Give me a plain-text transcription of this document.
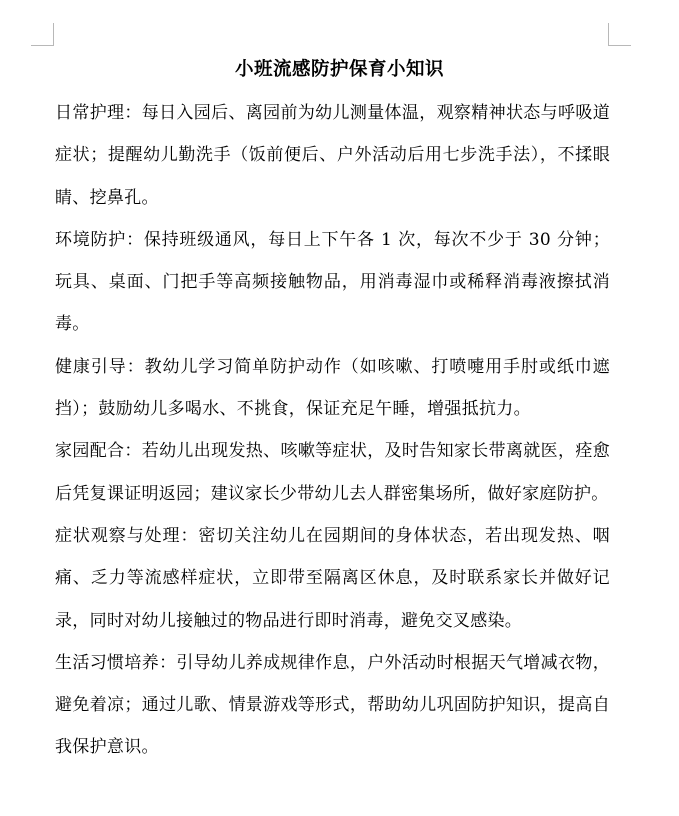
小班流感防护保育小知识

日常护理：每日入园后、离园前为幼儿测量体温，观察精神状态与呼吸道症状；提醒幼儿勤洗手（饭前便后、户外活动后用七步洗手法），不揉眼睛、挖鼻孔。

环境防护：保持班级通风，每日上下午各 1 次，每次不少于 30 分钟；玩具、桌面、门把手等高频接触物品，用消毒湿巾或稀释消毒液擦拭消毒。

健康引导：教幼儿学习简单防护动作（如咳嗽、打喷嚏用手肘或纸巾遮挡）；鼓励幼儿多喝水、不挑食，保证充足午睡，增强抵抗力。

家园配合：若幼儿出现发热、咳嗽等症状，及时告知家长带离就医，痊愈后凭复课证明返园；建议家长少带幼儿去人群密集场所，做好家庭防护。

症状观察与处理：密切关注幼儿在园期间的身体状态，若出现发热、咽痛、乏力等流感样症状，立即带至隔离区休息，及时联系家长并做好记录，同时对幼儿接触过的物品进行即时消毒，避免交叉感染。

生活习惯培养：引导幼儿养成规律作息，户外活动时根据天气增减衣物，避免着凉；通过儿歌、情景游戏等形式，帮助幼儿巩固防护知识，提高自我保护意识。
